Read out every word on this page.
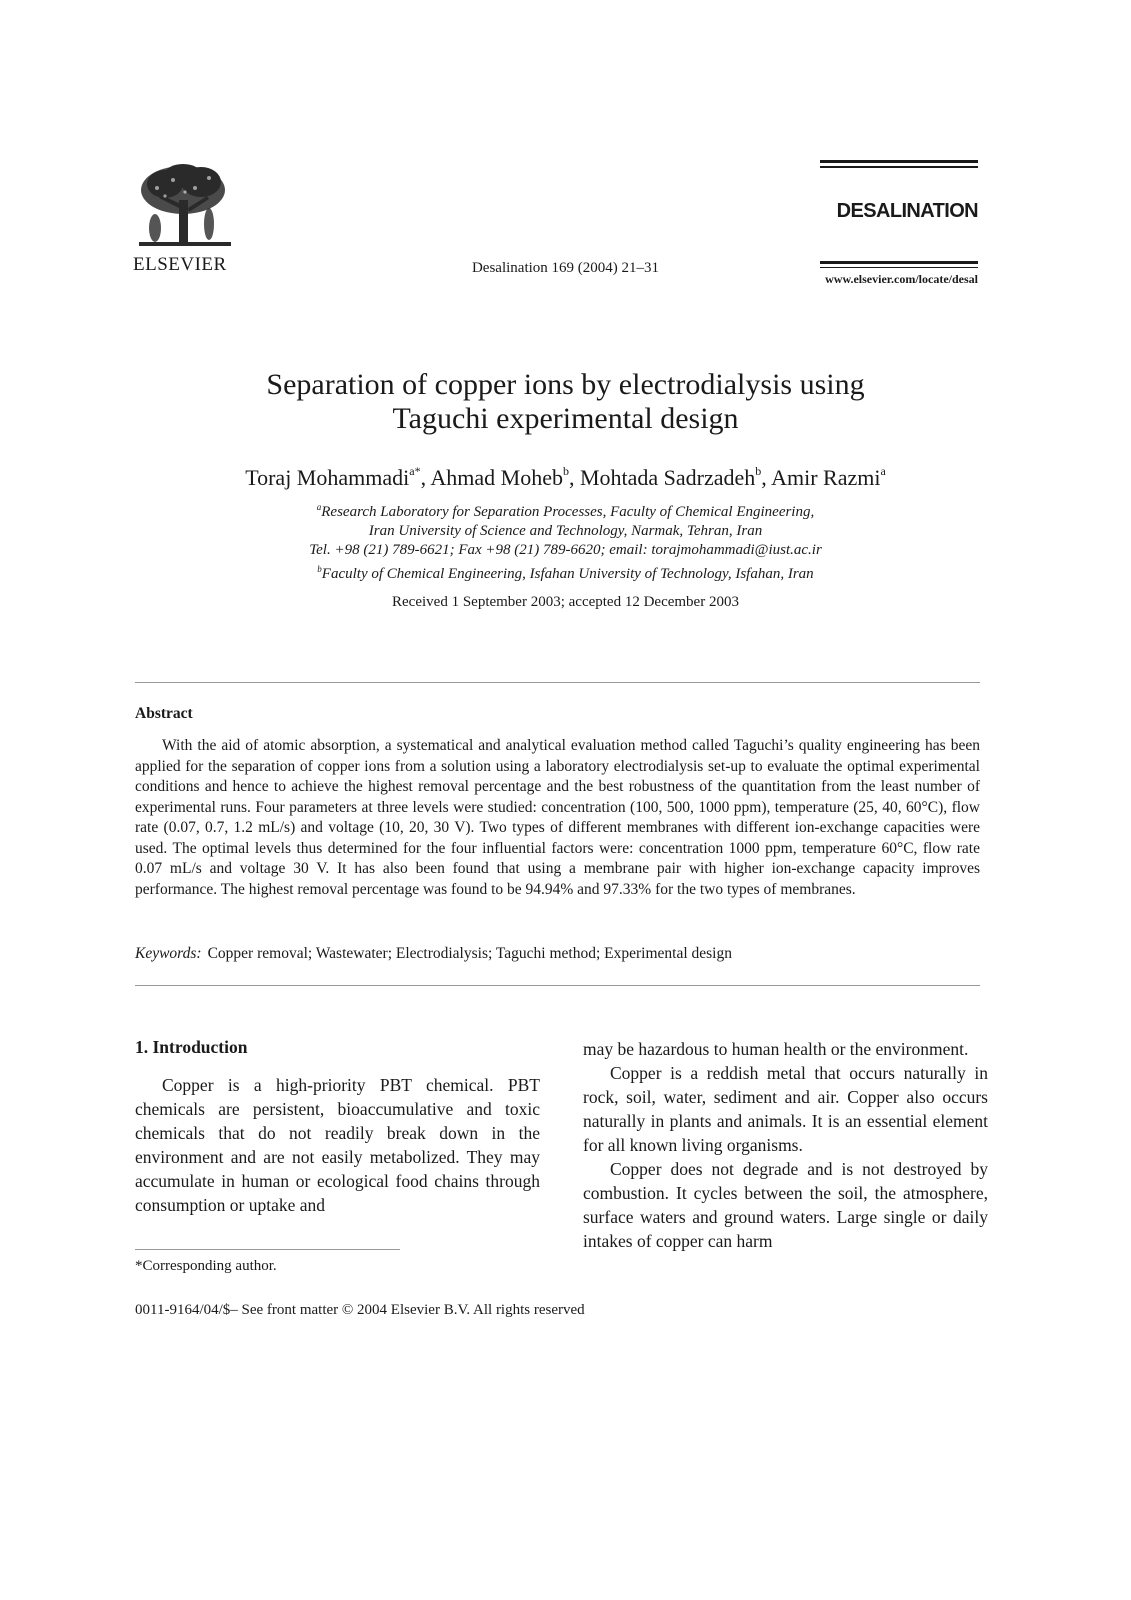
ELSEVIER	Desalination 169 (2004) 21–31
DESALINATION
www.elsevier.com/locate/desal
Separation of copper ions by electrodialysis using
Taguchi experimental design
Toraj Mohammadi$^{a*}$, Ahmad Moheb$^b$, Mohtada Sadrzadeh$^b$, Amir Razmi$^a$
$^a$Research Laboratory for Separation Processes, Faculty of Chemical Engineering,
Iran University of Science and Technology, Narmak, Tehran, Iran
Tel. +98 (21) 789-6621; Fax +98 (21) 789-6620; email: torajmohammadi@iust.ac.ir
$^b$Faculty of Chemical Engineering, Isfahan University of Technology, Isfahan, Iran
Received 1 September 2003; accepted 12 December 2003
Abstract

With the aid of atomic absorption, a systematical and analytical evaluation method called Taguchi’s quality engineering has been applied for the separation of copper ions from a solution using a laboratory electrodialysis set-up to evaluate the optimal experimental conditions and hence to achieve the highest removal percentage and the best robustness of the quantitation from the least number of experimental runs. Four parameters at three levels were studied: concentration (100, 500, 1000 ppm), temperature (25, 40, 60°C), flow rate (0.07, 0.7, 1.2 mL/s) and voltage (10, 20, 30 V). Two types of different membranes with different ion-exchange capacities were used. The optimal levels thus determined for the four influential factors were: concentration 1000 ppm, temperature 60°C, flow rate 0.07 mL/s and voltage 30 V. It has also been found that using a membrane pair with higher ion-exchange capacity improves performance. The highest removal percentage was found to be 94.94% and 97.33% for the two types of membranes.

Keywords: Copper removal; Wastewater; Electrodialysis; Taguchi method; Experimental design
1. Introduction

Copper is a high-priority PBT chemical. PBT chemicals are persistent, bioaccumulative and toxic chemicals that do not readily break down in the environment and are not easily metabolized. They may accumulate in human or ecological food chains through consumption or uptake and

may be hazardous to human health or the environment.

Copper is a reddish metal that occurs naturally in rock, soil, water, sediment and air. Copper also occurs naturally in plants and animals. It is an essential element for all known living organisms.

Copper does not degrade and is not destroyed by combustion. It cycles between the soil, the atmosphere, surface waters and ground waters. Large single or daily intakes of copper can harm

*Corresponding author.
0011-9164/04/$– See front matter © 2004 Elsevier B.V. All rights reserved
